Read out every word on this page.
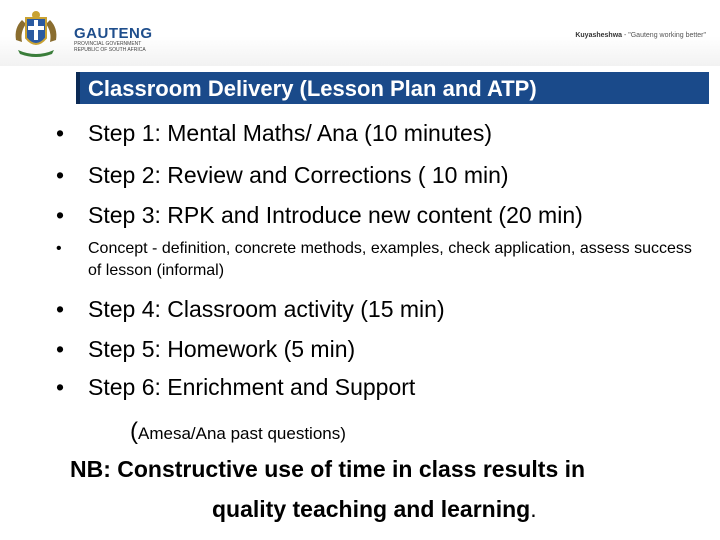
GAUTENG
PROVINCIAL GOVERNMENT
REPUBLIC OF SOUTH AFRICA
Kuyasheshwa - "Gauteng working better"
Classroom Delivery (Lesson Plan and ATP)
• Step 1: Mental Maths/ Ana (10 minutes)
• Step 2: Review and Corrections ( 10 min)
• Step 3: RPK and Introduce new content (20 min)
• Concept - definition, concrete methods, examples, check application, assess success of lesson (informal)
• Step 4: Classroom activity (15 min)
• Step 5: Homework (5 min)
• Step 6: Enrichment and Support
(Amesa/Ana past questions)
NB: Constructive use of time in class results in
quality teaching and learning.
